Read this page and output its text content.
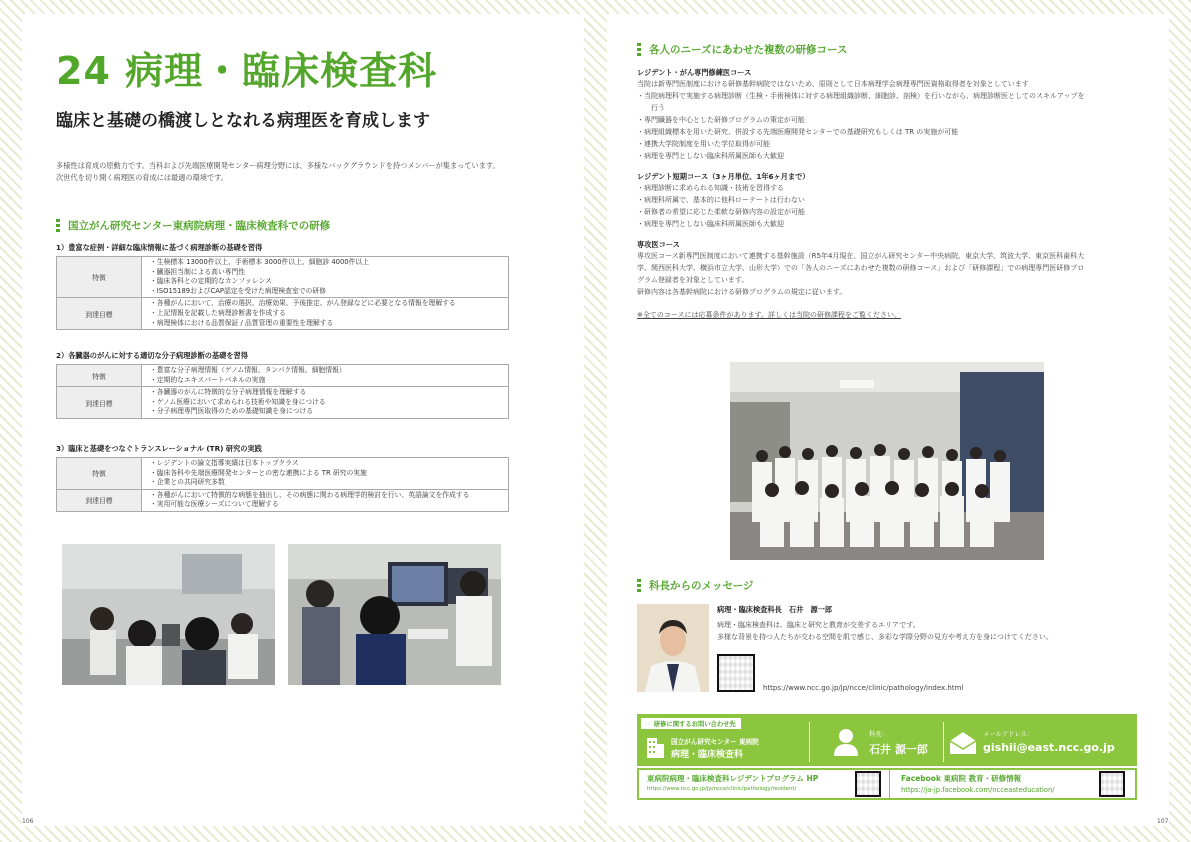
24 病理・臨床検査科
臨床と基礎の橋渡しとなれる病理医を育成します
多様性は育成の原動力です。当科および先端医療開発センター病理分野には、多様なバックグラウンドを持つメンバーが集まっています。
次世代を切り開く病理医の育成には最適の環境です。
国立がん研究センター東病院病理・臨床検査科での研修
1）豊富な症例・詳細な臨床情報に基づく病理診断の基礎を習得
特徴	・生検標本 13000件以上、手術標本 3000件以上、細胞診 4000件以上
・臓器担当制による高い専門性
・臨床各科との定期的なカンファレンス
・ISO15189およびCAP認定を受けた病理検査室での研修

到達目標	・各種がんにおいて、治療の選択、治療効果、予後推定、がん登録などに必要となる情報を理解する
・上記情報を記載した病理診断書を作成する
・病理検体における品質保証 / 品質管理の重要性を理解する
2）各臓器のがんに対する適切な分子病理診断の基礎を習得
特徴	・豊富な分子病理情報（ゲノム情報、タンパク情報、細胞情報）
・定期的なエキスパートパネルの実施

到達目標	・各臓器のがんに特徴的な分子病理情報を理解する
・ゲノム医療において求められる技術や知識を身につける
・分子病理専門医取得のための基礎知識を身につける
3）臨床と基礎をつなぐトランスレーショナル (TR) 研究の実践
特徴	・レジデントの論文指導実績は日本トップクラス
・臨床各科や先端医療開発センターとの密な連携による TR 研究の実施
・企業との共同研究多数

到達目標	・各種がんにおいて特徴的な病態を抽出し、その病態に関わる病理学的検討を行い、英語論文を作成する
・実用可能な医療シーズについて理解する
106
各人のニーズにあわせた複数の研修コース
レジデント・がん専門修練医コース
当院は新専門医制度における研修基幹病院ではないため、原則として日本病理学会病理専門医資格取得者を対象としています
・当院病理科で実施する病理診断（生検・手術検体に対する病理組織診断、細胞診、剖検）を行いながら、病理診断医としてのスキルアップを
行う
・専門臓器を中心とした研修プログラムの策定が可能
・病理組織標本を用いた研究、併設する先端医療開発センターでの基礎研究もしくは TR の実施が可能
・連携大学院制度を用いた学位取得が可能
・病理を専門としない臨床科所属医師も大歓迎
レジデント短期コース（3ヶ月単位、1年6ヶ月まで）
・病理診断に求められる知識・技術を習得する
・病理科所属で、基本的に他科ローテートは行わない
・研修者の希望に応じた柔軟な研修内容の設定が可能
・病理を専門としない臨床科所属医師も大歓迎
専攻医コース
専攻医コース新専門医制度において連携する基幹施設（R5年4月現在、国立がん研究センター中央病院、東京大学、筑波大学、東京医科歯科大
学、関西医科大学、横浜市立大学、山形大学）での「各人のニーズにあわせた複数の研修コース」および「研修課程」での病理専門医研修プロ
グラム登録者を対象としています。
研修内容は各基幹病院における研修プログラムの規定に従います。
※全てのコースには応募条件があります。詳しくは当院の研修課程をご覧ください。
科長からのメッセージ
病理・臨床検査科長　石井　源一郎
病理・臨床検査科は、臨床と研究と教育が交差するエリアです。
多様な背景を持つ人たちが交わる空間を肌で感じ、多彩な学際分野の見方や考え方を身につけてください。
https://www.ncc.go.jp/jp/ncce/clinic/pathology/index.html
☞ 研修に関するお問い合わせ先
国立がん研究センター 東病院
病理・臨床検査科
科長：
石井 源一郎
メールアドレス：
gishii@east.ncc.go.jp
東病院病理・臨床検査科レジデントプログラム HP
https://www.ncc.go.jp/jp/ncce/clinic/pathology/resident/
Facebook 東病院 教育・研修情報
https://ja-jp.facebook.com/ncceasteducation/
107
